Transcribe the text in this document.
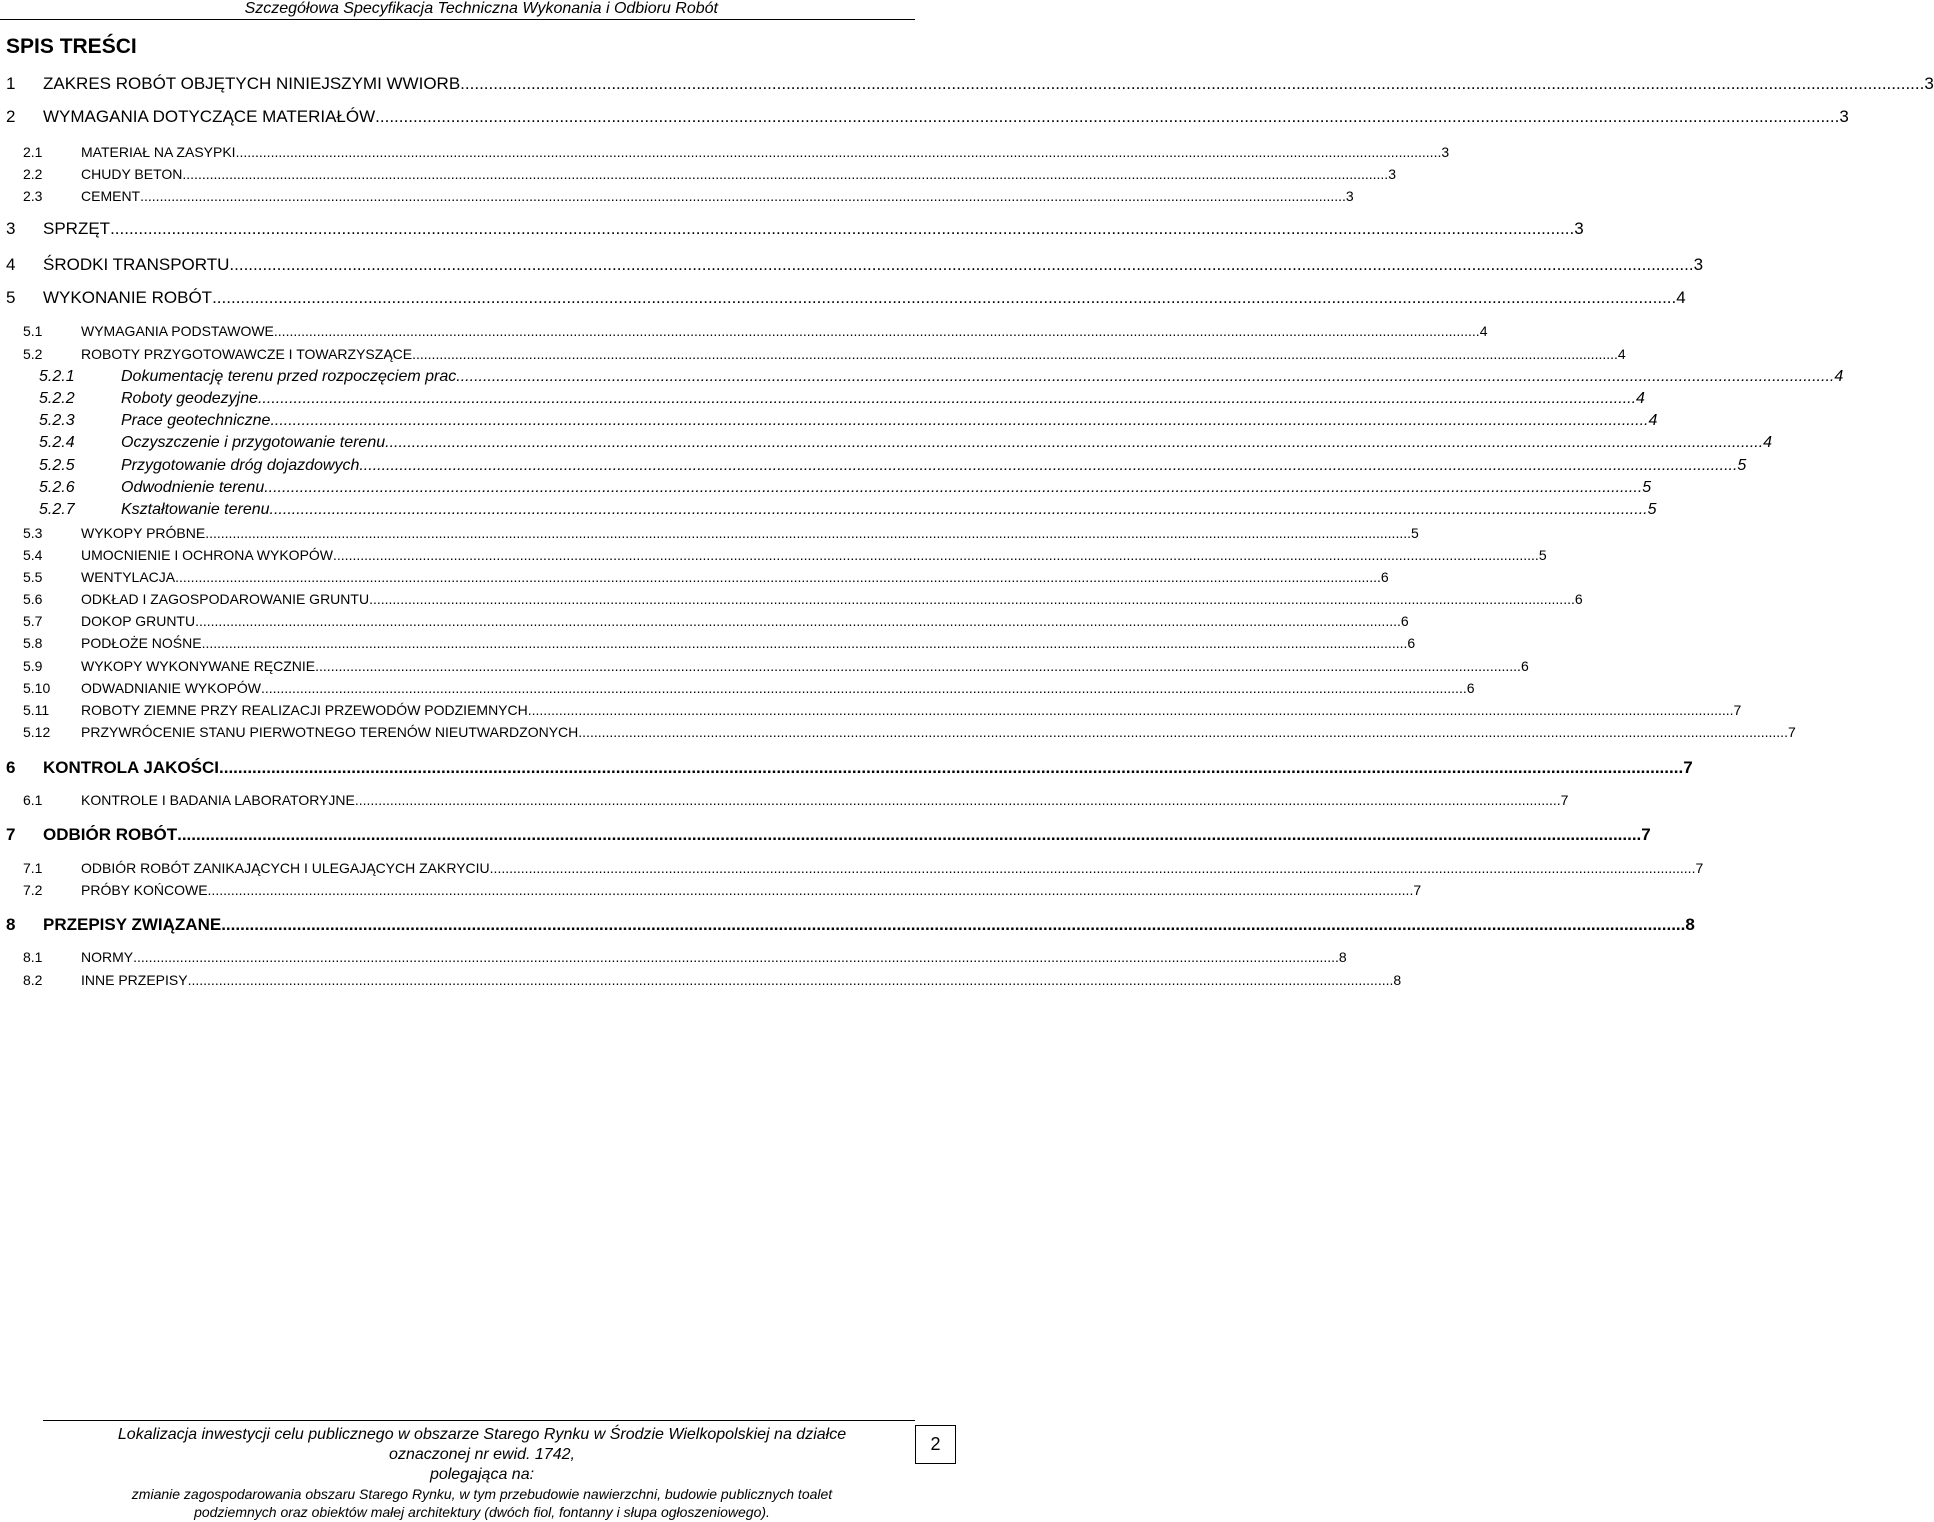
Szczegółowa Specyfikacja Techniczna Wykonania i Odbioru Robót
SPIS TREŚCI
1	ZAKRES ROBÓT OBJĘTYCH NINIEJSZYMI WWIORB .....	3
2	WYMAGANIA DOTYCZĄCE MATERIAŁÓW .....	3
2.1	MATERIAŁ NA ZASYPKI .....	3
2.2	CHUDY BETON .....	3
2.3	CEMENT .....	3
3	SPRZĘT .....	3
4	ŚRODKI TRANSPORTU .....	3
5	WYKONANIE ROBÓT .....	4
5.1	WYMAGANIA PODSTAWOWE .....	4
5.2	ROBOTY PRZYGOTOWAWCZE I TOWARZYSZĄCE .....	4
5.2.1	Dokumentację terenu przed rozpoczęciem prac .....	4
5.2.2	Roboty geodezyjne .....	4
5.2.3	Prace geotechniczne .....	4
5.2.4	Oczyszczenie i przygotowanie terenu .....	4
5.2.5	Przygotowanie dróg dojazdowych .....	5
5.2.6	Odwodnienie terenu .....	5
5.2.7	Kształtowanie terenu .....	5
5.3	WYKOPY PRÓBNE .....	5
5.4	UMOCNIENIE I OCHRONA WYKOPÓW .....	5
5.5	WENTYLACJA .....	6
5.6	ODKŁAD I ZAGOSPODAROWANIE GRUNTU .....	6
5.7	DOKOP GRUNTU .....	6
5.8	PODŁOŻE NOŚNE .....	6
5.9	WYKOPY WYKONYWANE RĘCZNIE .....	6
5.10	ODWADNIANIE WYKOPÓW .....	6
5.11	ROBOTY ZIEMNE PRZY REALIZACJI PRZEWODÓW PODZIEMNYCH .....	7
5.12	PRZYWRÓCENIE STANU PIERWOTNEGO TERENÓW NIEUTWARDZONYCH. .....	7
6	KONTROLA JAKOŚCI .....	7
6.1	KONTROLE I BADANIA LABORATORYJNE .....	7
7	ODBIÓR ROBÓT .....	7
7.1	ODBIÓR ROBÓT ZANIKAJĄCYCH I ULEGAJĄCYCH ZAKRYCIU .....	7
7.2	PRÓBY KOŃCOWE .....	7
8	PRZEPISY ZWIĄZANE .....	8
8.1	NORMY .....	8
8.2	INNE PRZEPISY .....	8
Lokalizacja inwestycji celu publicznego w obszarze Starego Rynku w Środzie Wielkopolskiej na działce
oznaczonej nr ewid. 1742,
polegająca na:
zmianie zagospodarowania obszaru Starego Rynku, w tym przebudowie nawierzchni, budowie publicznych toalet
podziemnych oraz obiektów małej architektury (dwóch fiol, fontanny i słupa ogłoszeniowego).
2
